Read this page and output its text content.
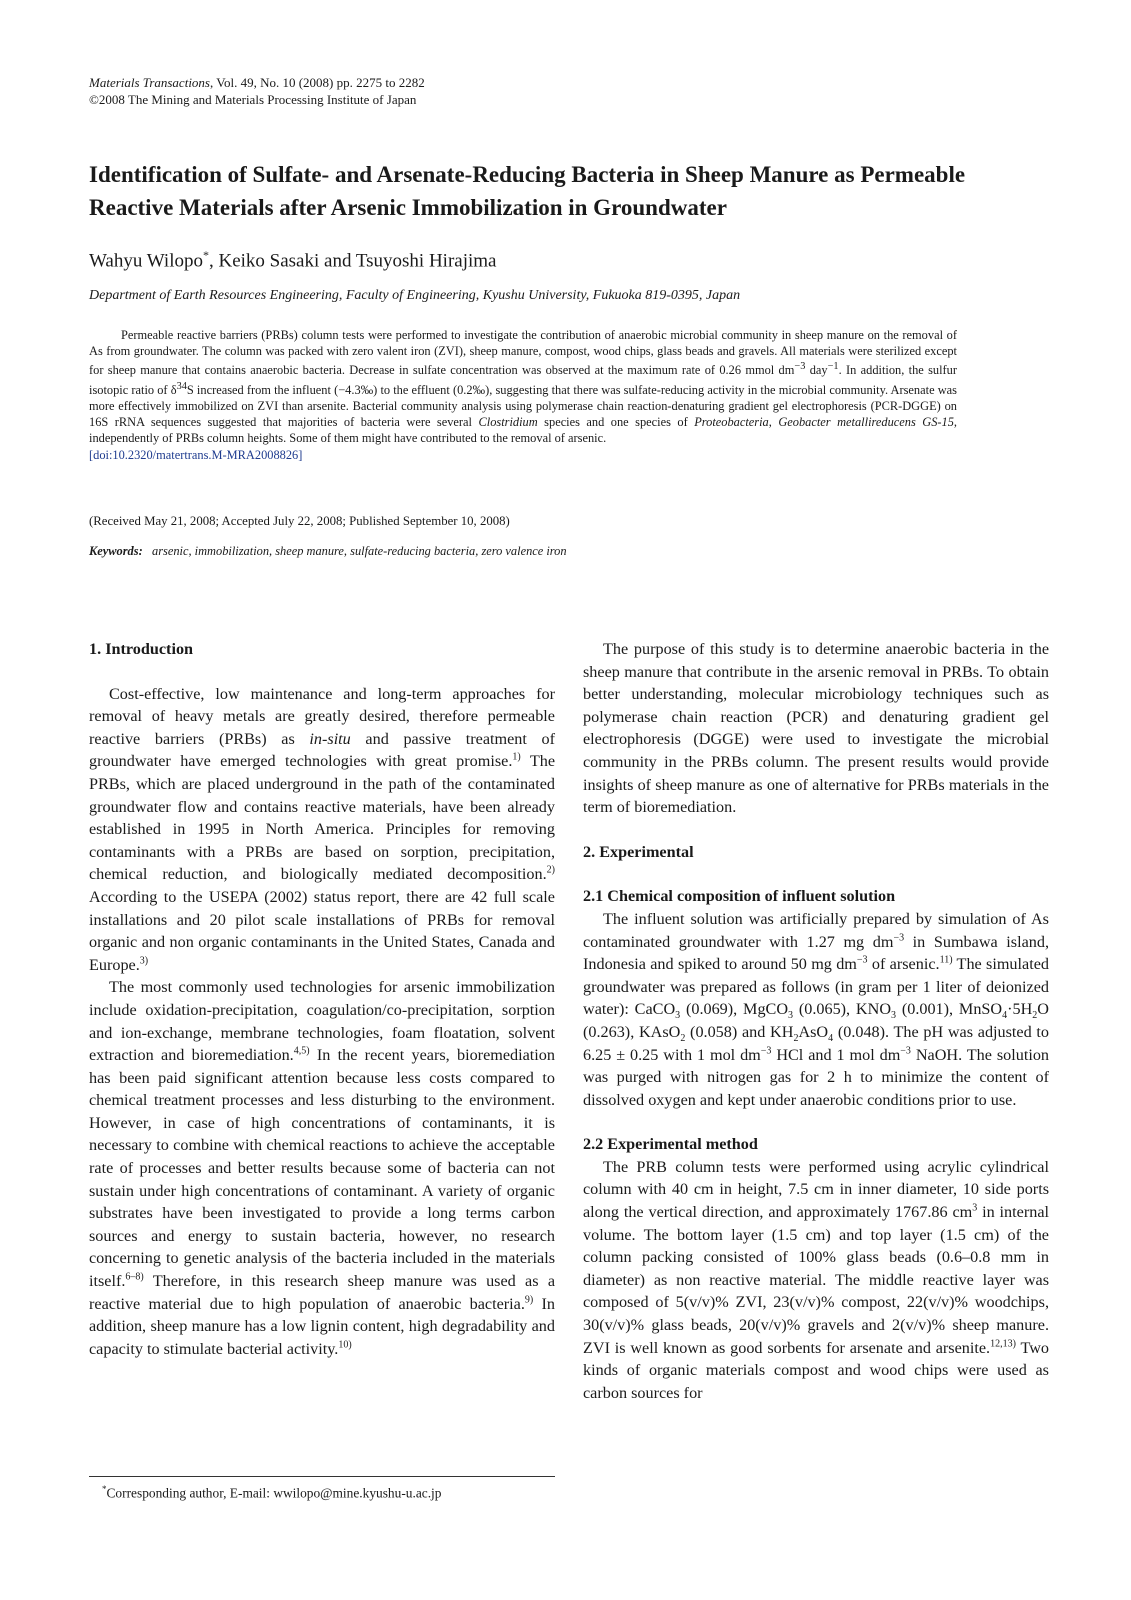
Materials Transactions, Vol. 49, No. 10 (2008) pp. 2275 to 2282
©2008 The Mining and Materials Processing Institute of Japan
Identification of Sulfate- and Arsenate-Reducing Bacteria in Sheep Manure as Permeable Reactive Materials after Arsenic Immobilization in Groundwater
Wahyu Wilopo*, Keiko Sasaki and Tsuyoshi Hirajima
Department of Earth Resources Engineering, Faculty of Engineering, Kyushu University, Fukuoka 819-0395, Japan

Permeable reactive barriers (PRBs) column tests were performed to investigate the contribution of anaerobic microbial community in sheep manure on the removal of As from groundwater. The column was packed with zero valent iron (ZVI), sheep manure, compost, wood chips, glass beads and gravels. All materials were sterilized except for sheep manure that contains anaerobic bacteria. Decrease in sulfate concentration was observed at the maximum rate of 0.26 mmol $dm^{-3}$ day$^{-1}$. In addition, the sulfur isotopic ratio of $\delta^{34}S$ increased from the influent (−4.3‰) to the effluent (0.2‰), suggesting that there was sulfate-reducing activity in the microbial community. Arsenate was more effectively immobilized on ZVI than arsenite. Bacterial community analysis using polymerase chain reaction-denaturing gradient gel electrophoresis (PCR-DGGE) on 16S rRNA sequences suggested that majorities of bacteria were several Clostridium species and one species of Proteobacteria, Geobacter metallireducens GS-15, independently of PRBs column heights. Some of them might have contributed to the removal of arsenic.
[doi:10.2320/matertrans.M-MRA2008826]

(Received May 21, 2008; Accepted July 22, 2008; Published September 10, 2008)
Keywords: arsenic, immobilization, sheep manure, sulfate-reducing bacteria, zero valence iron
1. Introduction

Cost-effective, low maintenance and long-term approaches for removal of heavy metals are greatly desired, therefore permeable reactive barriers (PRBs) as in-situ and passive treatment of groundwater have emerged technologies with great promise.$^{1)}$ The PRBs, which are placed underground in the path of the contaminated groundwater flow and contains reactive materials, have been already established in 1995 in North America. Principles for removing contaminants with a PRBs are based on sorption, precipitation, chemical reduction, and biologically mediated decomposition.$^{2)}$ According to the USEPA (2002) status report, there are 42 full scale installations and 20 pilot scale installations of PRBs for removal organic and non organic contaminants in the United States, Canada and Europe.$^{3)}$

The most commonly used technologies for arsenic immobilization include oxidation-precipitation, coagulation/co-precipitation, sorption and ion-exchange, membrane technologies, foam floatation, solvent extraction and bioremediation.$^{4,5)}$ In the recent years, bioremediation has been paid significant attention because less costs compared to chemical treatment processes and less disturbing to the environment. However, in case of high concentrations of contaminants, it is necessary to combine with chemical reactions to achieve the acceptable rate of processes and better results because some of bacteria can not sustain under high concentrations of contaminant. A variety of organic substrates have been investigated to provide a long terms carbon sources and energy to sustain bacteria, however, no research concerning to genetic analysis of the bacteria included in the materials itself.$^{6-8)}$ Therefore, in this research sheep manure was used as a reactive material due to high population of anaerobic bacteria.$^{9)}$ In addition, sheep manure has a low lignin content, high degradability and capacity to stimulate bacterial activity.$^{10)}$

The purpose of this study is to determine anaerobic bacteria in the sheep manure that contribute in the arsenic removal in PRBs. To obtain better understanding, molecular microbiology techniques such as polymerase chain reaction (PCR) and denaturing gradient gel electrophoresis (DGGE) were used to investigate the microbial community in the PRBs column. The present results would provide insights of sheep manure as one of alternative for PRBs materials in the term of bioremediation.

2. Experimental
2.1 Chemical composition of influent solution

The influent solution was artificially prepared by simulation of As contaminated groundwater with 1.27 mg $dm^{-3}$ in Sumbawa island, Indonesia and spiked to around 50 mg $dm^{-3}$ of arsenic.$^{11)}$ The simulated groundwater was prepared as follows (in gram per 1 liter of deionized water): CaCO$_3$ (0.069), MgCO$_3$ (0.065), $KNO_3$ (0.001), $MnSO_4\cdot 5H_2O$ (0.263), KAsO$_2$ (0.058) and $KH_2AsO_4$ (0.048). The pH was adjusted to 6.25 ± 0.25 with 1 mol $dm^{-3}$ HCl and 1 mol $dm^{-3}$ NaOH. The solution was purged with nitrogen gas for 2 h to minimize the content of dissolved oxygen and kept under anaerobic conditions prior to use.

2.2 Experimental method

The PRB column tests were performed using acrylic cylindrical column with 40 cm in height, 7.5 cm in inner diameter, 10 side ports along the vertical direction, and approximately 1767.86 $cm^3$ in internal volume. The bottom layer (1.5 cm) and top layer (1.5 cm) of the column packing consisted of 100% glass beads (0.6–0.8 mm in diameter) as non reactive material. The middle reactive layer was composed of 5(v/v)% ZVI, 23(v/v)% compost, 22(v/v)% woodchips, 30(v/v)% glass beads, 20(v/v)% gravels and 2(v/v)% sheep manure. ZVI is well known as good sorbents for arsenate and arsenite.$^{12,13)}$ Two kinds of organic materials compost and wood chips were used as carbon sources for

*Corresponding author, E-mail: wwilopo@mine.kyushu-u.ac.jp
